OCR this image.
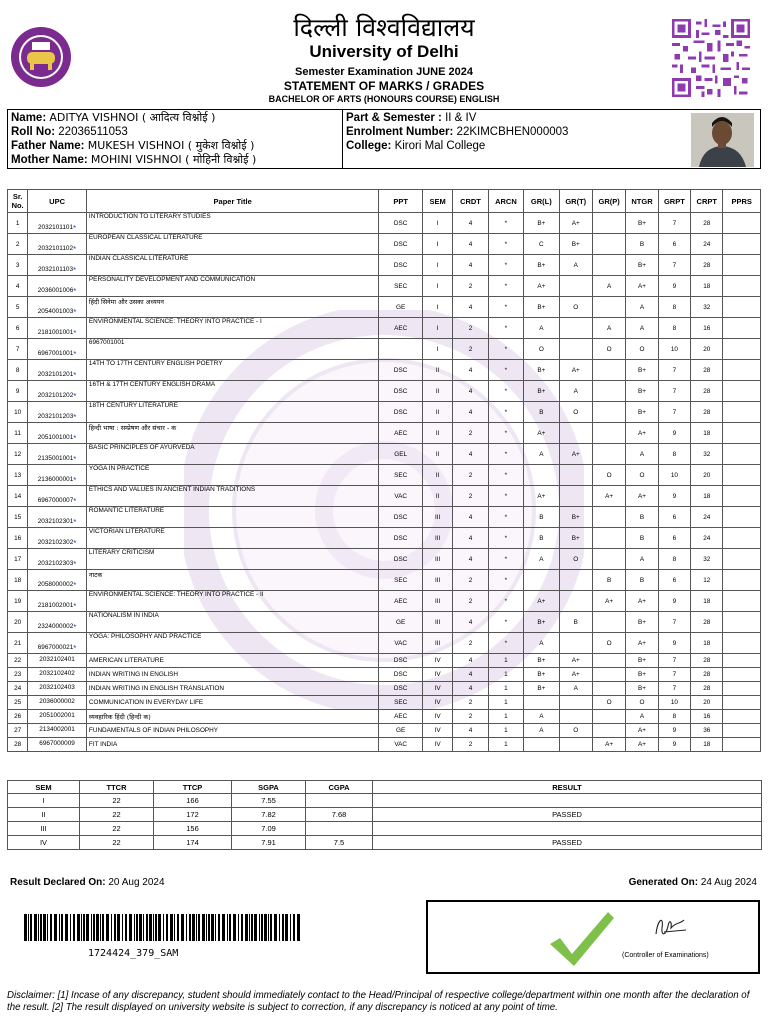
दिल्ली विश्वविद्यालय
University of Delhi
Semester Examination JUNE 2024
STATEMENT OF MARKS / GRADES
BACHELOR OF ARTS (HONOURS COURSE) ENGLISH
Name: ADITYA VISHNOI ( आदित्य विश्नोई )
Roll No: 22036511053
Father Name: MUKESH VISHNOI ( मुकेश विश्नोई )
Mother Name: MOHINI VISHNOI ( मोहिनी विश्नोई )
Part & Semester : II & IV
Enrolment Number: 22KIMCBHEN000003
College: Kirori Mal College
Sr. No.	UPC	Paper Title	PPT	SEM	CRDT	ARCN	GR(L)	GR(T)	GR(P)	NTGR	GRPT	CRPT	PPRS
1	2032101101*	INTRODUCTION TO LITERARY STUDIES	DSC	I	4	*	B+	A+		B+	7	28	
2	2032101102*	EUROPEAN CLASSICAL LITERATURE	DSC	I	4	*	C	B+		B	6	24	
3	2032101103*	INDIAN CLASSICAL LITERATURE	DSC	I	4	*	B+	A		B+	7	28	
4	2036001006*	PERSONALITY DEVELOPMENT AND COMMUNICATION	SEC	I	2	*	A+		A	A+	9	18	
5	2054001003*	हिंदी सिनेमा और उसका अध्ययन	GE	I	4	*	B+	O		A	8	32	
6	2181001001*	ENVIRONMENTAL SCIENCE: THEORY INTO PRACTICE - I	AEC	I	2	*	A		A	A	8	16	
7	6967001001*	6967001001		I	2	*	O		O	O	10	20	
8	2032101201*	14TH TO 17TH CENTURY ENGLISH POETRY	DSC	II	4	*	B+	A+		B+	7	28	
9	2032101202*	16TH & 17TH CENTURY ENGLISH DRAMA	DSC	II	4	*	B+	A		B+	7	28	
10	2032101203*	18TH CENTURY LITERATURE	DSC	II	4	*	B	O		B+	7	28	
11	2051001001*	हिन्दी भाषा : सम्प्रेषण और संचार - क	AEC	II	2	*	A+			A+	9	18	
12	2135001001*	BASIC PRINCIPLES OF AYURVEDA	GEL	II	4	*	A	A+		A	8	32	
13	2136000001*	YOGA IN PRACTICE	SEC	II	2	*			O	O	10	20	
14	6967000007*	ETHICS AND VALUES IN ANCIENT INDIAN TRADITIONS	VAC	II	2	*	A+		A+	A+	9	18	
15	2032102301*	ROMANTIC LITERATURE	DSC	III	4	*	B	B+		B	6	24	
16	2032102302*	VICTORIAN LITERATURE	DSC	III	4	*	B	B+		B	6	24	
17	2032102303*	LITERARY CRITICISM	DSC	III	4	*	A	O		A	8	32	
18	2058000002*	नाटक	SEC	III	2	*			B	B	6	12	
19	2181002001*	ENVIRONMENTAL SCIENCE: THEORY INTO PRACTICE - II	AEC	III	2	*	A+		A+	A+	9	18	
20	2324000002*	NATIONALISM IN INDIA	GE	III	4	*	B+	B		B+	7	28	
21	6967000021*	YOGA: PHILOSOPHY AND PRACTICE	VAC	III	2	*	A		O	A+	9	18	
22	2032102401	AMERICAN LITERATURE	DSC	IV	4	1	B+	A+		B+	7	28	
23	2032102402	INDIAN WRITING IN ENGLISH	DSC	IV	4	1	B+	A+		B+	7	28	
24	2032102403	INDIAN WRITING IN ENGLISH TRANSLATION	DSC	IV	4	1	B+	A		B+	7	28	
25	2036000002	COMMUNICATION IN EVERYDAY LIFE	SEC	IV	2	1			O	O	10	20	
26	2051002001	व्यवहारिक हिंदी (हिन्दी क)	AEC	IV	2	1	A			A	8	16	
27	2134002001	FUNDAMENTALS OF INDIAN PHILOSOPHY	GE	IV	4	1	A	O		A+	9	36	
28	6967000009	FIT INDIA	VAC	IV	2	1			A+	A+	9	18	
SEM	TTCR	TTCP	SGPA	CGPA	RESULT
I	22	166	7.55		
II	22	172	7.82	7.68	PASSED
III	22	156	7.09		
IV	22	174	7.91	7.5	PASSED
Result Declared On: 20 Aug 2024	Generated On: 24 Aug 2024
1724424_379_SAM	(Controller of Examinations)
Disclaimer: [1] Incase of any discrepancy, student should immediately contact to the Head/Principal of respective college/department within one month after the declaration of the result. [2] The result displayed on university website is subject to correction, if any discrepancy is noticed at any point of time.
